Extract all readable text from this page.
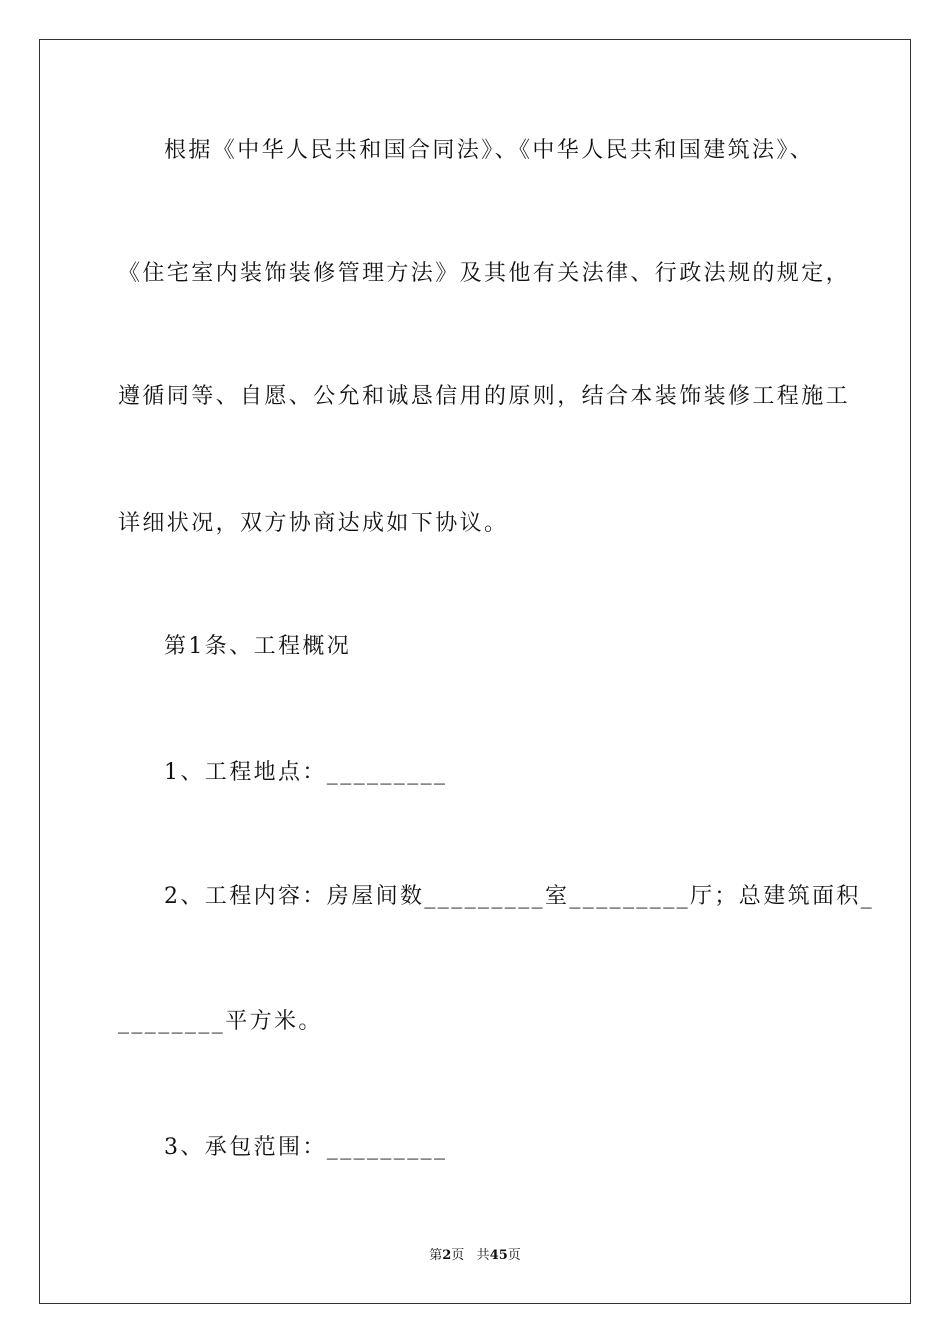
根据《中华人民共和国合同法》、《中华人民共和国建筑法》、
《住宅室内装饰装修管理方法》及其他有关法律、行政法规的规定，
遵循同等、自愿、公允和诚恳信用的原则，结合本装饰装修工程施工
详细状况，双方协商达成如下协议。
第1条、工程概况
1、工程地点：_________
2、工程内容：房屋间数_________室_________厅；总建筑面积_
________平方米。
3、承包范围：_________
第2页 共45页
